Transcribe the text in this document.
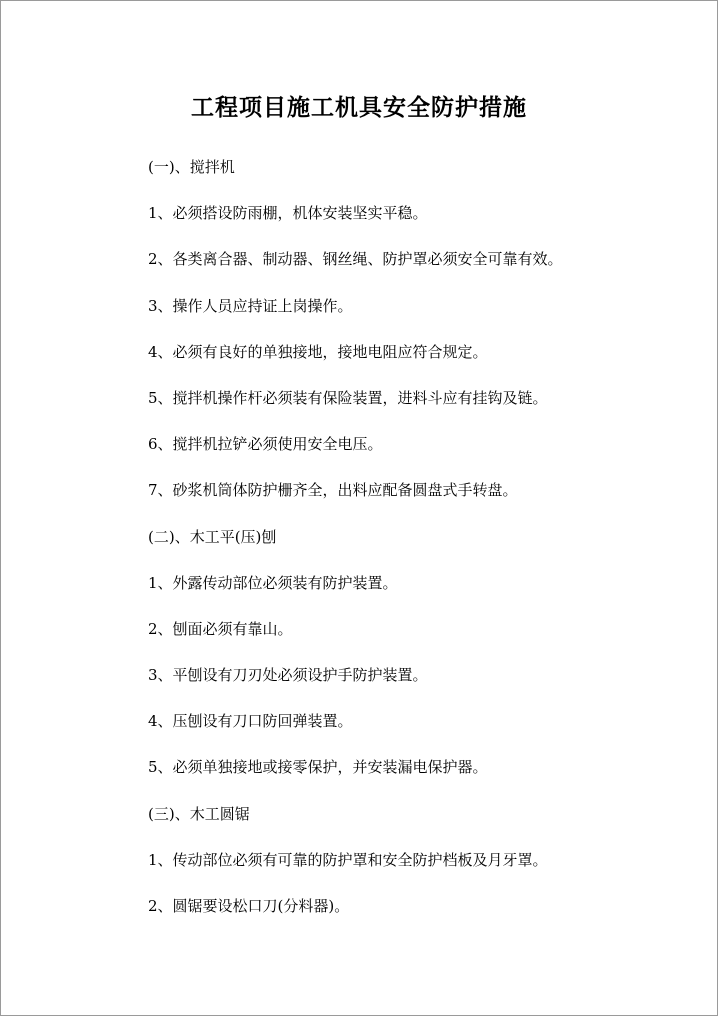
工程项目施工机具安全防护措施
(一)、搅拌机
1、必须搭设防雨棚，机体安装坚实平稳。
2、各类离合器、制动器、钢丝绳、防护罩必须安全可靠有效。
3、操作人员应持证上岗操作。
4、必须有良好的单独接地，接地电阻应符合规定。
5、搅拌机操作杆必须装有保险装置，进料斗应有挂钩及链。
6、搅拌机拉铲必须使用安全电压。
7、砂浆机筒体防护栅齐全，出料应配备圆盘式手转盘。
(二)、木工平(压)刨
1、外露传动部位必须装有防护装置。
2、刨面必须有靠山。
3、平刨设有刀刃处必须设护手防护装置。
4、压刨设有刀口防回弹装置。
5、必须单独接地或接零保护，并安装漏电保护器。
(三)、木工圆锯
1、传动部位必须有可靠的防护罩和安全防护档板及月牙罩。
2、圆锯要设松口刀(分料器)。
